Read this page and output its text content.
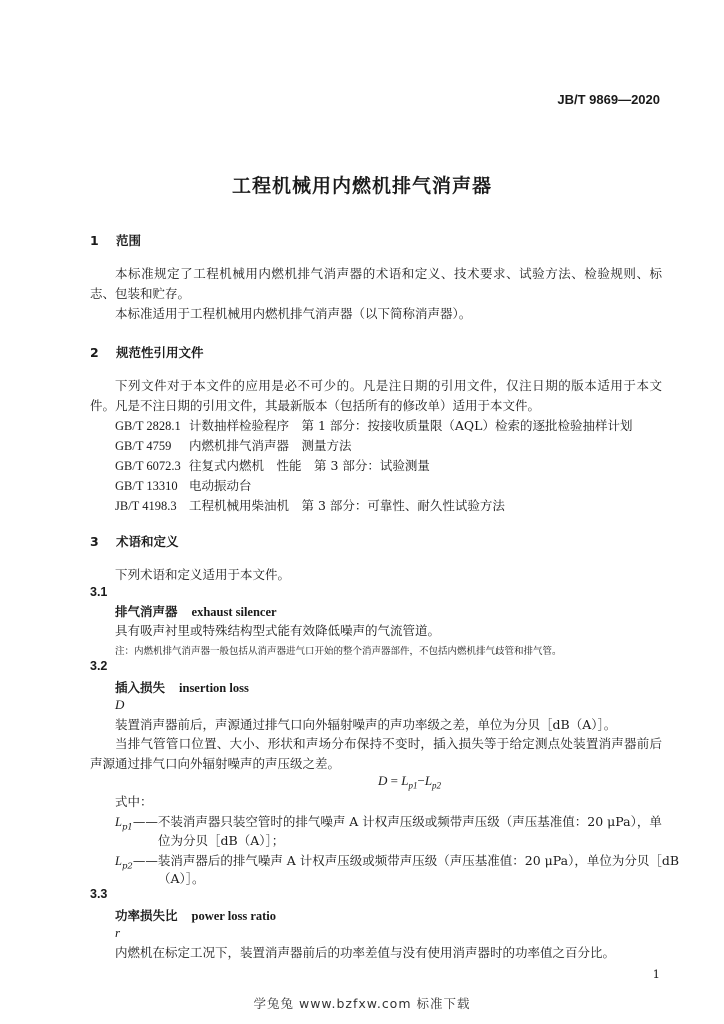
JB/T 9869—2020
工程机械用内燃机排气消声器
1 范围
本标准规定了工程机械用内燃机排气消声器的术语和定义、技术要求、试验方法、检验规则、标志、包装和贮存。
本标准适用于工程机械用内燃机排气消声器（以下简称消声器）。
2 规范性引用文件
下列文件对于本文件的应用是必不可少的。凡是注日期的引用文件，仅注日期的版本适用于本文件。凡是不注日期的引用文件，其最新版本（包括所有的修改单）适用于本文件。
GB/T 2828.1 计数抽样检验程序　第 1 部分：按接收质量限（AQL）检索的逐批检验抽样计划
GB/T 4759 内燃机排气消声器　测量方法
GB/T 6072.3 往复式内燃机　性能　第 3 部分：试验测量
GB/T 13310 电动振动台
JB/T 4198.3 工程机械用柴油机　第 3 部分：可靠性、耐久性试验方法
3 术语和定义
下列术语和定义适用于本文件。
3.1
排气消声器 exhaust silencer
具有吸声衬里或特殊结构型式能有效降低噪声的气流管道。
注：内燃机排气消声器一般包括从消声器进气口开始的整个消声器部件，不包括内燃机排气歧管和排气管。
3.2
插入损失 insertion loss
D
装置消声器前后，声源通过排气口向外辐射噪声的声功率级之差，单位为分贝［dB（A）］。
当排气管管口位置、大小、形状和声场分布保持不变时，插入损失等于给定测点处装置消声器前后声源通过排气口向外辐射噪声的声压级之差。
$D = L_{p1}-L_{p2}$
式中：
$L_{p1}——$不装消声器只装空管时的排气噪声 A 计权声压级或频带声压级（声压基准值：20 μPa），单
位为分贝［dB（A）］；
$L_{p2}——$装消声器后的排气噪声 A 计权声压级或频带声压级（声压基准值：20 μPa），单位为分贝［dB
（A）］。
3.3
功率损失比 power loss ratio
r
内燃机在标定工况下，装置消声器前后的功率差值与没有使用消声器时的功率值之百分比。
1
学兔兔 www.bzfxw.com 标准下载
